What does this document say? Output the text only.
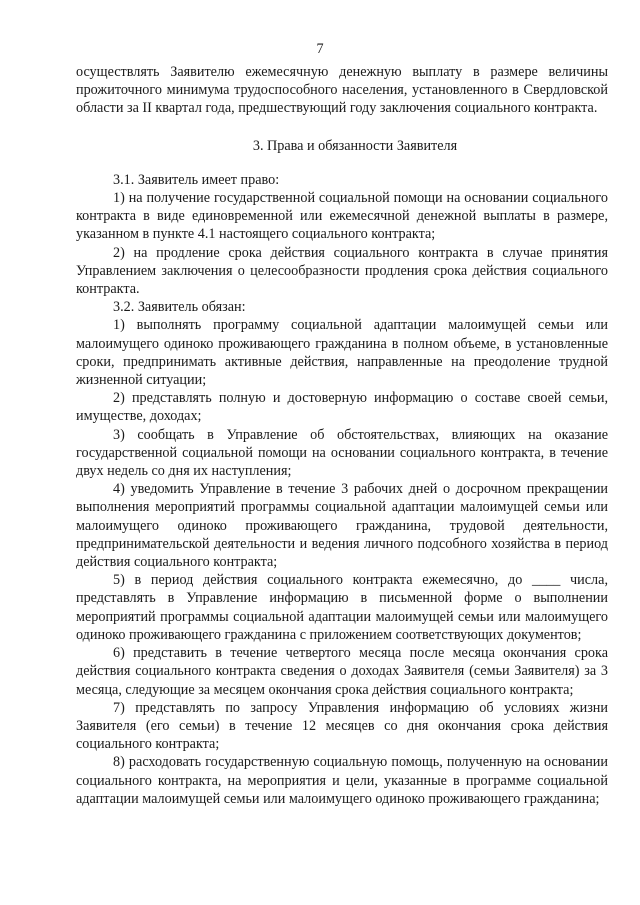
7

осуществлять Заявителю ежемесячную денежную выплату в размере величины прожиточного минимума трудоспособного населения, установленного в Свердловской области за II квартал года, предшествующий году заключения социального контракта.

3. Права и обязанности Заявителя

3.1. Заявитель имеет право:

1) на получение государственной социальной помощи на основании социального контракта в виде единовременной или ежемесячной денежной выплаты в размере, указанном в пункте 4.1 настоящего социального контракта;

2) на продление срока действия социального контракта в случае принятия Управлением заключения о целесообразности продления срока действия социального контракта.

3.2. Заявитель обязан:

1) выполнять программу социальной адаптации малоимущей семьи или малоимущего одиноко проживающего гражданина в полном объеме, в установленные сроки, предпринимать активные действия, направленные на преодоление трудной жизненной ситуации;

2) представлять полную и достоверную информацию о составе своей семьи, имуществе, доходах;

3) сообщать в Управление об обстоятельствах, влияющих на оказание государственной социальной помощи на основании социального контракта, в течение двух недель со дня их наступления;

4) уведомить Управление в течение 3 рабочих дней о досрочном прекращении выполнения мероприятий программы социальной адаптации малоимущей семьи или малоимущего одиноко проживающего гражданина, трудовой деятельности, предпринимательской деятельности и ведения личного подсобного хозяйства в период действия социального контракта;

5) в период действия социального контракта ежемесячно, до ____ числа, представлять в Управление информацию в письменной форме о выполнении мероприятий программы социальной адаптации малоимущей семьи или малоимущего одиноко проживающего гражданина с приложением соответствующих документов;

6) представить в течение четвертого месяца после месяца окончания срока действия социального контракта сведения о доходах Заявителя (семьи Заявителя) за 3 месяца, следующие за месяцем окончания срока действия социального контракта;

7) представлять по запросу Управления информацию об условиях жизни Заявителя (его семьи) в течение 12 месяцев со дня окончания срока действия социального контракта;

8) расходовать государственную социальную помощь, полученную на основании социального контракта, на мероприятия и цели, указанные в программе социальной адаптации малоимущей семьи или малоимущего одиноко проживающего гражданина;
